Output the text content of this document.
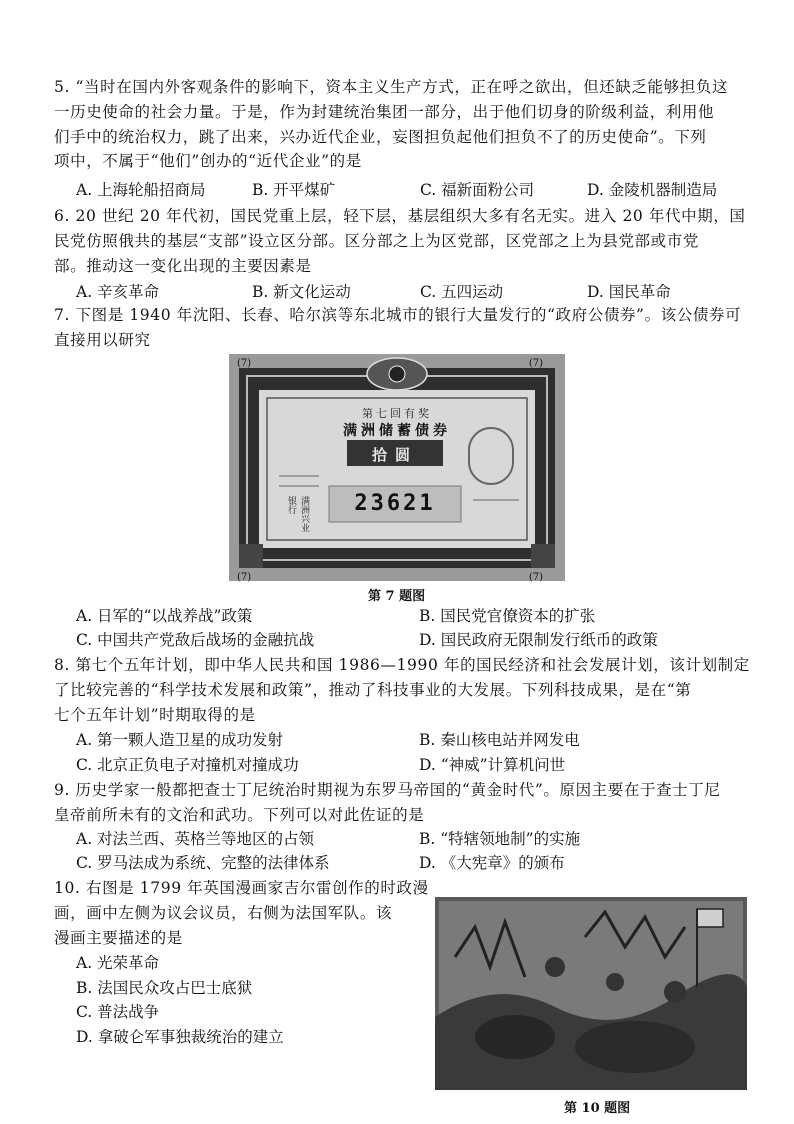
5. “当时在国内外客观条件的影响下，资本主义生产方式，正在呼之欲出，但还缺乏能够担负这
一历史使命的社会力量。于是，作为封建统治集团一部分，出于他们切身的阶级利益，利用他
们手中的统治权力，跳了出来，兴办近代企业，妄图担负起他们担负不了的历史使命”。下列
项中，不属于“他们”创办的“近代企业”的是
A. 上海轮船招商局	B. 开平煤矿	C. 福新面粉公司	D. 金陵机器制造局
6. 20 世纪 20 年代初，国民党重上层，轻下层，基层组织大多有名无实。进入 20 年代中期，国
民党仿照俄共的基层“支部”设立区分部。区分部之上为区党部，区党部之上为县党部或市党
部。推动这一变化出现的主要因素是
A. 辛亥革命	B. 新文化运动	C. 五四运动	D. 国民革命
7. 下图是 1940 年沈阳、长春、哈尔滨等东北城市的银行大量发行的“政府公债券”。该公债券可
直接用以研究
(7)	(7)
(7)	(7)
第七回有奖
满洲储蓄债券
拾圆
23621
满洲兴业银行
第 7 题图
A. 日军的“以战养战”政策	B. 国民党官僚资本的扩张
C. 中国共产党敌后战场的金融抗战	D. 国民政府无限制发行纸币的政策
8. 第七个五年计划，即中华人民共和国 1986—1990 年的国民经济和社会发展计划，该计划制定
了比较完善的“科学技术发展和政策”，推动了科技事业的大发展。下列科技成果，是在“第
七个五年计划”时期取得的是
A. 第一颗人造卫星的成功发射	B. 秦山核电站并网发电
C. 北京正负电子对撞机对撞成功	D. “神威”计算机问世
9. 历史学家一般都把查士丁尼统治时期视为东罗马帝国的“黄金时代”。原因主要在于查士丁尼
皇帝前所未有的文治和武功。下列可以对此佐证的是
A. 对法兰西、英格兰等地区的占领	B. “特辖领地制”的实施
C. 罗马法成为系统、完整的法律体系	D. 《大宪章》的颁布
10. 右图是 1799 年英国漫画家吉尔雷创作的时政漫
画，画中左侧为议会议员，右侧为法国军队。该
漫画主要描述的是
A. 光荣革命
B. 法国民众攻占巴士底狱
C. 普法战争
D. 拿破仑军事独裁统治的建立
第 10 题图
